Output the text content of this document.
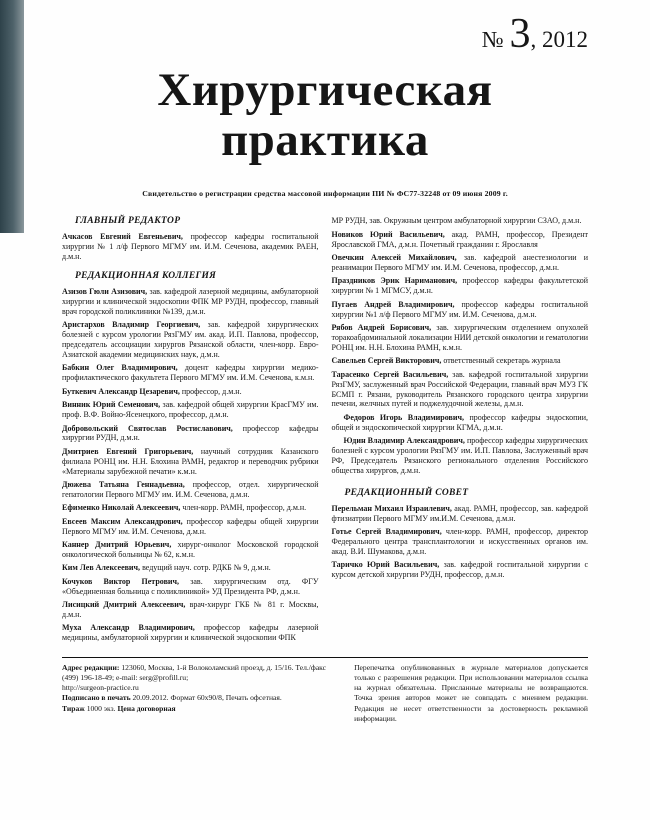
№ 3, 2012
Хирургическая
практика
Свидетельство о регистрации средства массовой информации ПИ № ФС77-32248 от 09 июня 2009 г.
ГЛАВНЫЙ РЕДАКТОР

Ачкасов Евгений Евгеньевич, профессор кафедры госпитальной хирургии № 1 л/ф Первого МГМУ им. И.М. Сеченова, академик РАЕН, д.м.н.

РЕДАКЦИОННАЯ КОЛЛЕГИЯ

Азизов Гюли Азизович, зав. кафедрой лазерной медицины, амбулаторной хирургии и клинической эндоскопии ФПК МР РУДН, профессор, главный врач городской поликлиники №139, д.м.н.

Аристархов Владимир Георгиевич, зав. кафедрой хирургических болезней с курсом урологии РязГМУ им. акад. И.П. Павлова, профессор, председатель ассоциации хирургов Рязанской области, член-корр. Евро-Азиатской академии медицинских наук, д.м.н.

Бабкин Олег Владимирович, доцент кафедры хирургии медико-профилактического факультета Первого МГМУ им. И.М. Сеченова, к.м.н.

Буткевич Александр Цезаревич, профессор, д.м.н.

Винник Юрий Семенович, зав. кафедрой общей хирургии КрасГМУ им. проф. В.Ф. Войно-Ясенецкого, профессор, д.м.н.

Добровольский Святослав Ростиславович, профессор кафедры хирургии РУДН, д.м.н.

Дмитриев Евгений Григорьевич, научный сотрудник Казанского филиала РОНЦ им. Н.Н. Блохина РАМН, редактор и переводчик рубрики «Материалы зарубежной печати» к.м.н.

Дюжева Татьяна Геннадьевна, профессор, отдел. хирургической гепатологии Первого МГМУ им. И.М. Сеченова, д.м.н.

Ефименко Николай Алексеевич, член-корр. РАМН, профессор, д.м.н.

Евсеев Максим Александрович, профессор кафедры общей хирургии Первого МГМУ им. И.М. Сеченова, д.м.н.

Каннер Дмитрий Юрьевич, хирург-онколог Московской городской онкологической больницы № 62, к.м.н.

Ким Лев Алексеевич, ведущий науч. сотр. РДКБ № 9, д.м.н.

Кочуков Виктор Петрович, зав. хирургическим отд. ФГУ «Объединенная больница с поликлиникой» УД Президента РФ, д.м.н.

Лисицкий Дмитрий Алексеевич, врач-хирург ГКБ № 81 г. Москвы, д.м.н.

Муха Александр Владимирович, профессор кафедры лазерной медицины, амбулаторной хирургии и клинической эндоскопии ФПК

МР РУДН, зав. Окружным центром амбулаторной хирургии СЗАО, д.м.н.

Новиков Юрий Васильевич, акад. РАМН, профессор, Президент Ярославской ГМА, д.м.н. Почетный гражданин г. Ярославля

Овечкин Алексей Михайлович, зав. кафедрой анестезиологии и реанимации Первого МГМУ им. И.М. Сеченова, профессор, д.м.н.

Праздников Эрик Нариманович, профессор кафедры факультетской хирургии № 1 МГМСУ, д.м.н.

Пугаев Андрей Владимирович, профессор кафедры госпитальной хирургии №1 л/ф Первого МГМУ им. И.М. Сеченова, д.м.н.

Рябов Андрей Борисович, зав. хирургическим отделением опухолей торакоабдоминальной локализации НИИ детской онкологии и гематологии РОНЦ им. Н.Н. Блохина РАМН, к.м.н.

Савельев Сергей Викторович, ответственный секретарь журнала

Тарасенко Сергей Васильевич, зав. кафедрой госпитальной хирургии РязГМУ, заслуженный врач Российской Федерации, главный врач МУЗ ГК БСМП г. Рязани, руководитель Рязанского городского центра хирургии печени, желчных путей и поджелудочной железы, д.м.н.

Федоров Игорь Владимирович, профессор кафедры эндоскопии, общей и эндоскопической хирургии КГМА, д.м.н.

Юдин Владимир Александрович, профессор кафедры хирургических болезней с курсом урологии РязГМУ им. И.П. Павлова, Заслуженный врач РФ, Председатель Рязанского регионального отделения Российского общества хирургов, д.м.н.

РЕДАКЦИОННЫЙ СОВЕТ

Перельман Михаил Израилевич, акад. РАМН, профессор, зав. кафедрой фтизиатрии Первого МГМУ им.И.М. Сеченова, д.м.н.

Готье Сергей Владимирович, член-корр. РАМН, профессор, директор Федерального центра трансплантологии и искусственных органов им. акад. В.И. Шумакова, д.м.н.

Таричко Юрий Васильевич, зав. кафедрой госпитальной хирургии с курсом детской хирургии РУДН, профессор, д.м.н.

Адрес редакции: 123060, Москва, 1-й Волоколамский проезд, д. 15/16. Тел./факс (499) 196-18-49; e-mail: serg@profill.ru;

http://surgeon-practice.ru

Подписано в печать 20.09.2012. Формат 60х90/8, Печать офсетная.

Тираж 1000 экз. Цена договорная

Перепечатка опубликованных в журнале материалов допускается только с разрешения редакции. При использовании материалов ссылка на журнал обязательна. Присланные материалы не возвращаются. Точка зрения авторов может не совпадать с мнением редакции. Редакция не несет ответственности за достоверность рекламной информации.
